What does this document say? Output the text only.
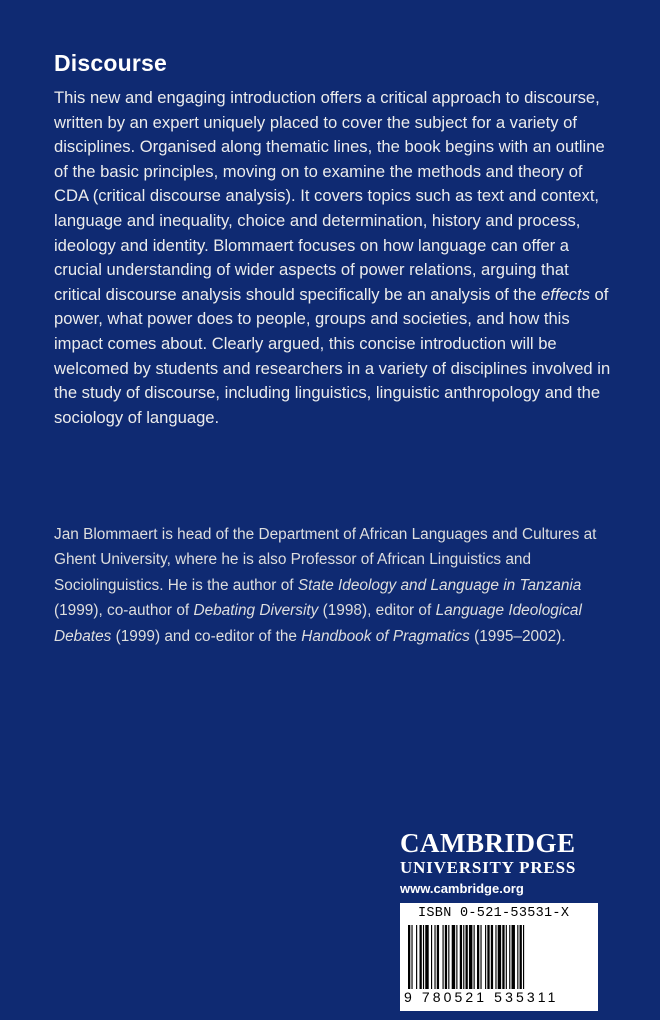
Discourse

This new and engaging introduction offers a critical approach to discourse, written by an expert uniquely placed to cover the subject for a variety of disciplines. Organised along thematic lines, the book begins with an outline of the basic principles, moving on to examine the methods and theory of CDA (critical discourse analysis). It covers topics such as text and context, language and inequality, choice and determination, history and process, ideology and identity. Blommaert focuses on how language can offer a crucial understanding of wider aspects of power relations, arguing that critical discourse analysis should specifically be an analysis of the effects of power, what power does to people, groups and societies, and how this impact comes about. Clearly argued, this concise introduction will be welcomed by students and researchers in a variety of disciplines involved in the study of discourse, including linguistics, linguistic anthropology and the sociology of language.

Jan Blommaert is head of the Department of African Languages and Cultures at Ghent University, where he is also Professor of African Linguistics and Sociolinguistics. He is the author of State Ideology and Language in Tanzania (1999), co-author of Debating Diversity (1998), editor of Language Ideological Debates (1999) and co-editor of the Handbook of Pragmatics (1995–2002).

CAMBRIDGE
UNIVERSITY PRESS
www.cambridge.org
ISBN 0-521-53531-X
9 780521 535311
